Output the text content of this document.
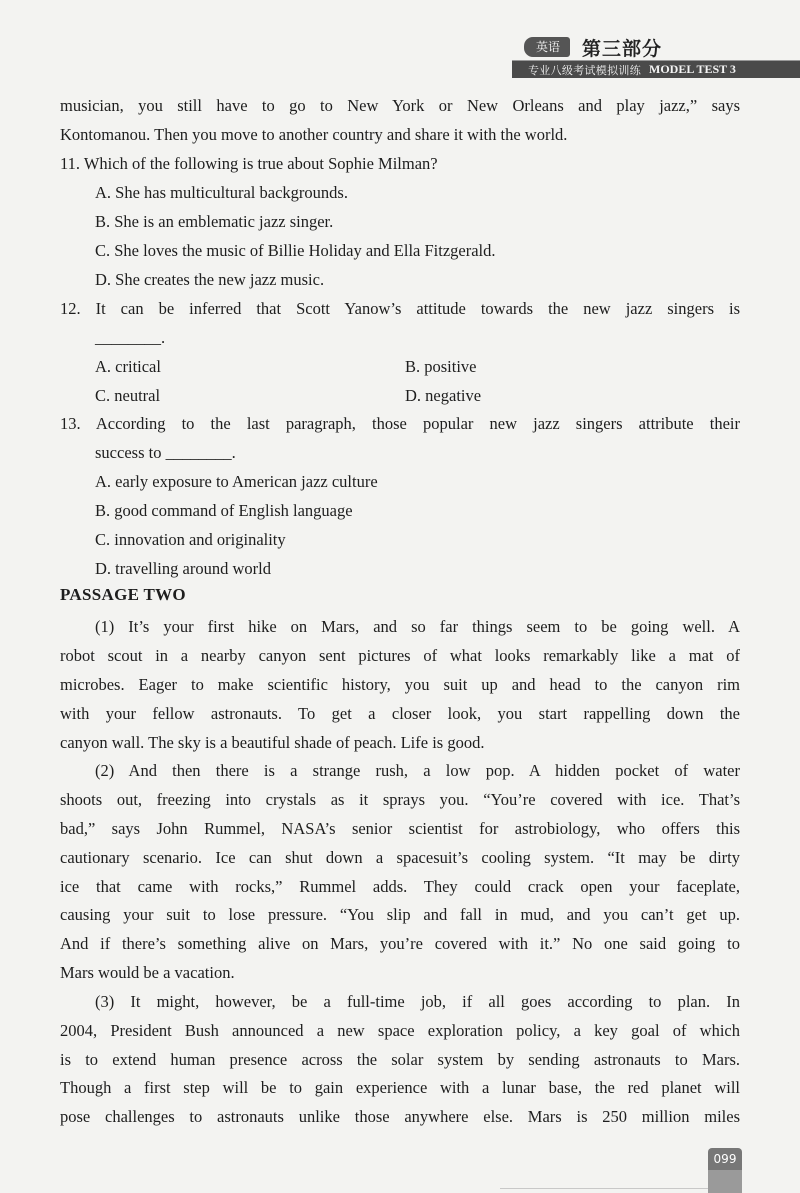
英语	第三部分
专业八级考试模拟训练 MODEL TEST 3
musician, you still have to go to New York or New Orleans and play jazz,” says
Kontomanou. Then you move to another country and share it with the world.
11. Which of the following is true about Sophie Milman?
A. She has multicultural backgrounds.
B. She is an emblematic jazz singer.
C. She loves the music of Billie Holiday and Ella Fitzgerald.
D. She creates the new jazz music.
12. It can be inferred that Scott Yanow’s attitude towards the new jazz singers is
________.
A. critical	B. positive
C. neutral	D. negative
13. According to the last paragraph, those popular new jazz singers attribute their
success to ________.
A. early exposure to American jazz culture
B. good command of English language
C. innovation and originality
D. travelling around world
PASSAGE TWO
(1) It’s your first hike on Mars, and so far things seem to be going well. A
robot scout in a nearby canyon sent pictures of what looks remarkably like a mat of
microbes. Eager to make scientific history, you suit up and head to the canyon rim
with your fellow astronauts. To get a closer look, you start rappelling down the
canyon wall. The sky is a beautiful shade of peach. Life is good.
(2) And then there is a strange rush, a low pop. A hidden pocket of water
shoots out, freezing into crystals as it sprays you. “You’re covered with ice. That’s
bad,” says John Rummel, NASA’s senior scientist for astrobiology, who offers this
cautionary scenario. Ice can shut down a spacesuit’s cooling system. “It may be dirty
ice that came with rocks,” Rummel adds. They could crack open your faceplate,
causing your suit to lose pressure. “You slip and fall in mud, and you can’t get up.
And if there’s something alive on Mars, you’re covered with it.” No one said going to
Mars would be a vacation.
(3) It might, however, be a full-time job, if all goes according to plan. In
2004, President Bush announced a new space exploration policy, a key goal of which
is to extend human presence across the solar system by sending astronauts to Mars.
Though a first step will be to gain experience with a lunar base, the red planet will
pose challenges to astronauts unlike those anywhere else. Mars is 250 million miles
099
